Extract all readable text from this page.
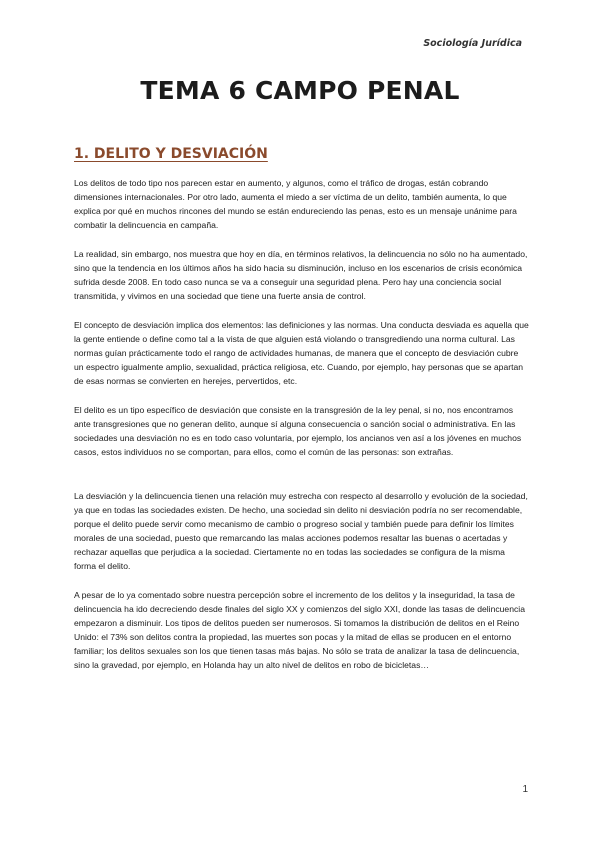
Sociología Jurídica
TEMA 6 CAMPO PENAL
1. DELITO Y DESVIACIÓN

Los delitos de todo tipo nos parecen estar en aumento, y algunos, como el tráfico de drogas, están cobrando dimensiones internacionales. Por otro lado, aumenta el miedo a ser víctima de un delito, también aumenta, lo que explica por qué en muchos rincones del mundo se están endureciendo las penas, esto es un mensaje unánime para combatir la delincuencia en campaña.

La realidad, sin embargo, nos muestra que hoy en día, en términos relativos, la delincuencia no sólo no ha aumentado, sino que la tendencia en los últimos años ha sido hacia su disminución, incluso en los escenarios de crisis económica sufrida desde 2008. En todo caso nunca se va a conseguir una seguridad plena. Pero hay una conciencia social transmitida, y vivimos en una sociedad que tiene una fuerte ansia de control.

El concepto de desviación implica dos elementos: las definiciones y las normas. Una conducta desviada es aquella que la gente entiende o define como tal a la vista de que alguien está violando o transgrediendo una norma cultural. Las normas guían prácticamente todo el rango de actividades humanas, de manera que el concepto de desviación cubre un espectro igualmente amplio, sexualidad, práctica religiosa, etc. Cuando, por ejemplo, hay personas que se apartan de esas normas se convierten en herejes, pervertidos, etc.

El delito es un tipo específico de desviación que consiste en la transgresión de la ley penal, si no, nos encontramos ante transgresiones que no generan delito, aunque sí alguna consecuencia o sanción social o administrativa. En las sociedades una desviación no es en todo caso voluntaria, por ejemplo, los ancianos ven así a los jóvenes en muchos casos, estos individuos no se comportan, para ellos, como el común de las personas: son extrañas.

La desviación y la delincuencia tienen una relación muy estrecha con respecto al desarrollo y evolución de la sociedad, ya que en todas las sociedades existen. De hecho, una sociedad sin delito ni desviación podría no ser recomendable, porque el delito puede servir como mecanismo de cambio o progreso social y también puede para definir los límites morales de una sociedad, puesto que remarcando las malas acciones podemos resaltar las buenas o acertadas y rechazar aquellas que perjudica a la sociedad. Ciertamente no en todas las sociedades se configura de la misma forma el delito.

A pesar de lo ya comentado sobre nuestra percepción sobre el incremento de los delitos y la inseguridad, la tasa de delincuencia ha ido decreciendo desde finales del siglo XX y comienzos del siglo XXI, donde las tasas de delincuencia empezaron a disminuir. Los tipos de delitos pueden ser numerosos. Si tomamos la distribución de delitos en el Reino Unido: el 73% son delitos contra la propiedad, las muertes son pocas y la mitad de ellas se producen en el entorno familiar; los delitos sexuales son los que tienen tasas más bajas. No sólo se trata de analizar la tasa de delincuencia, sino la gravedad, por ejemplo, en Holanda hay un alto nivel de delitos en robo de bicicletas…

1
